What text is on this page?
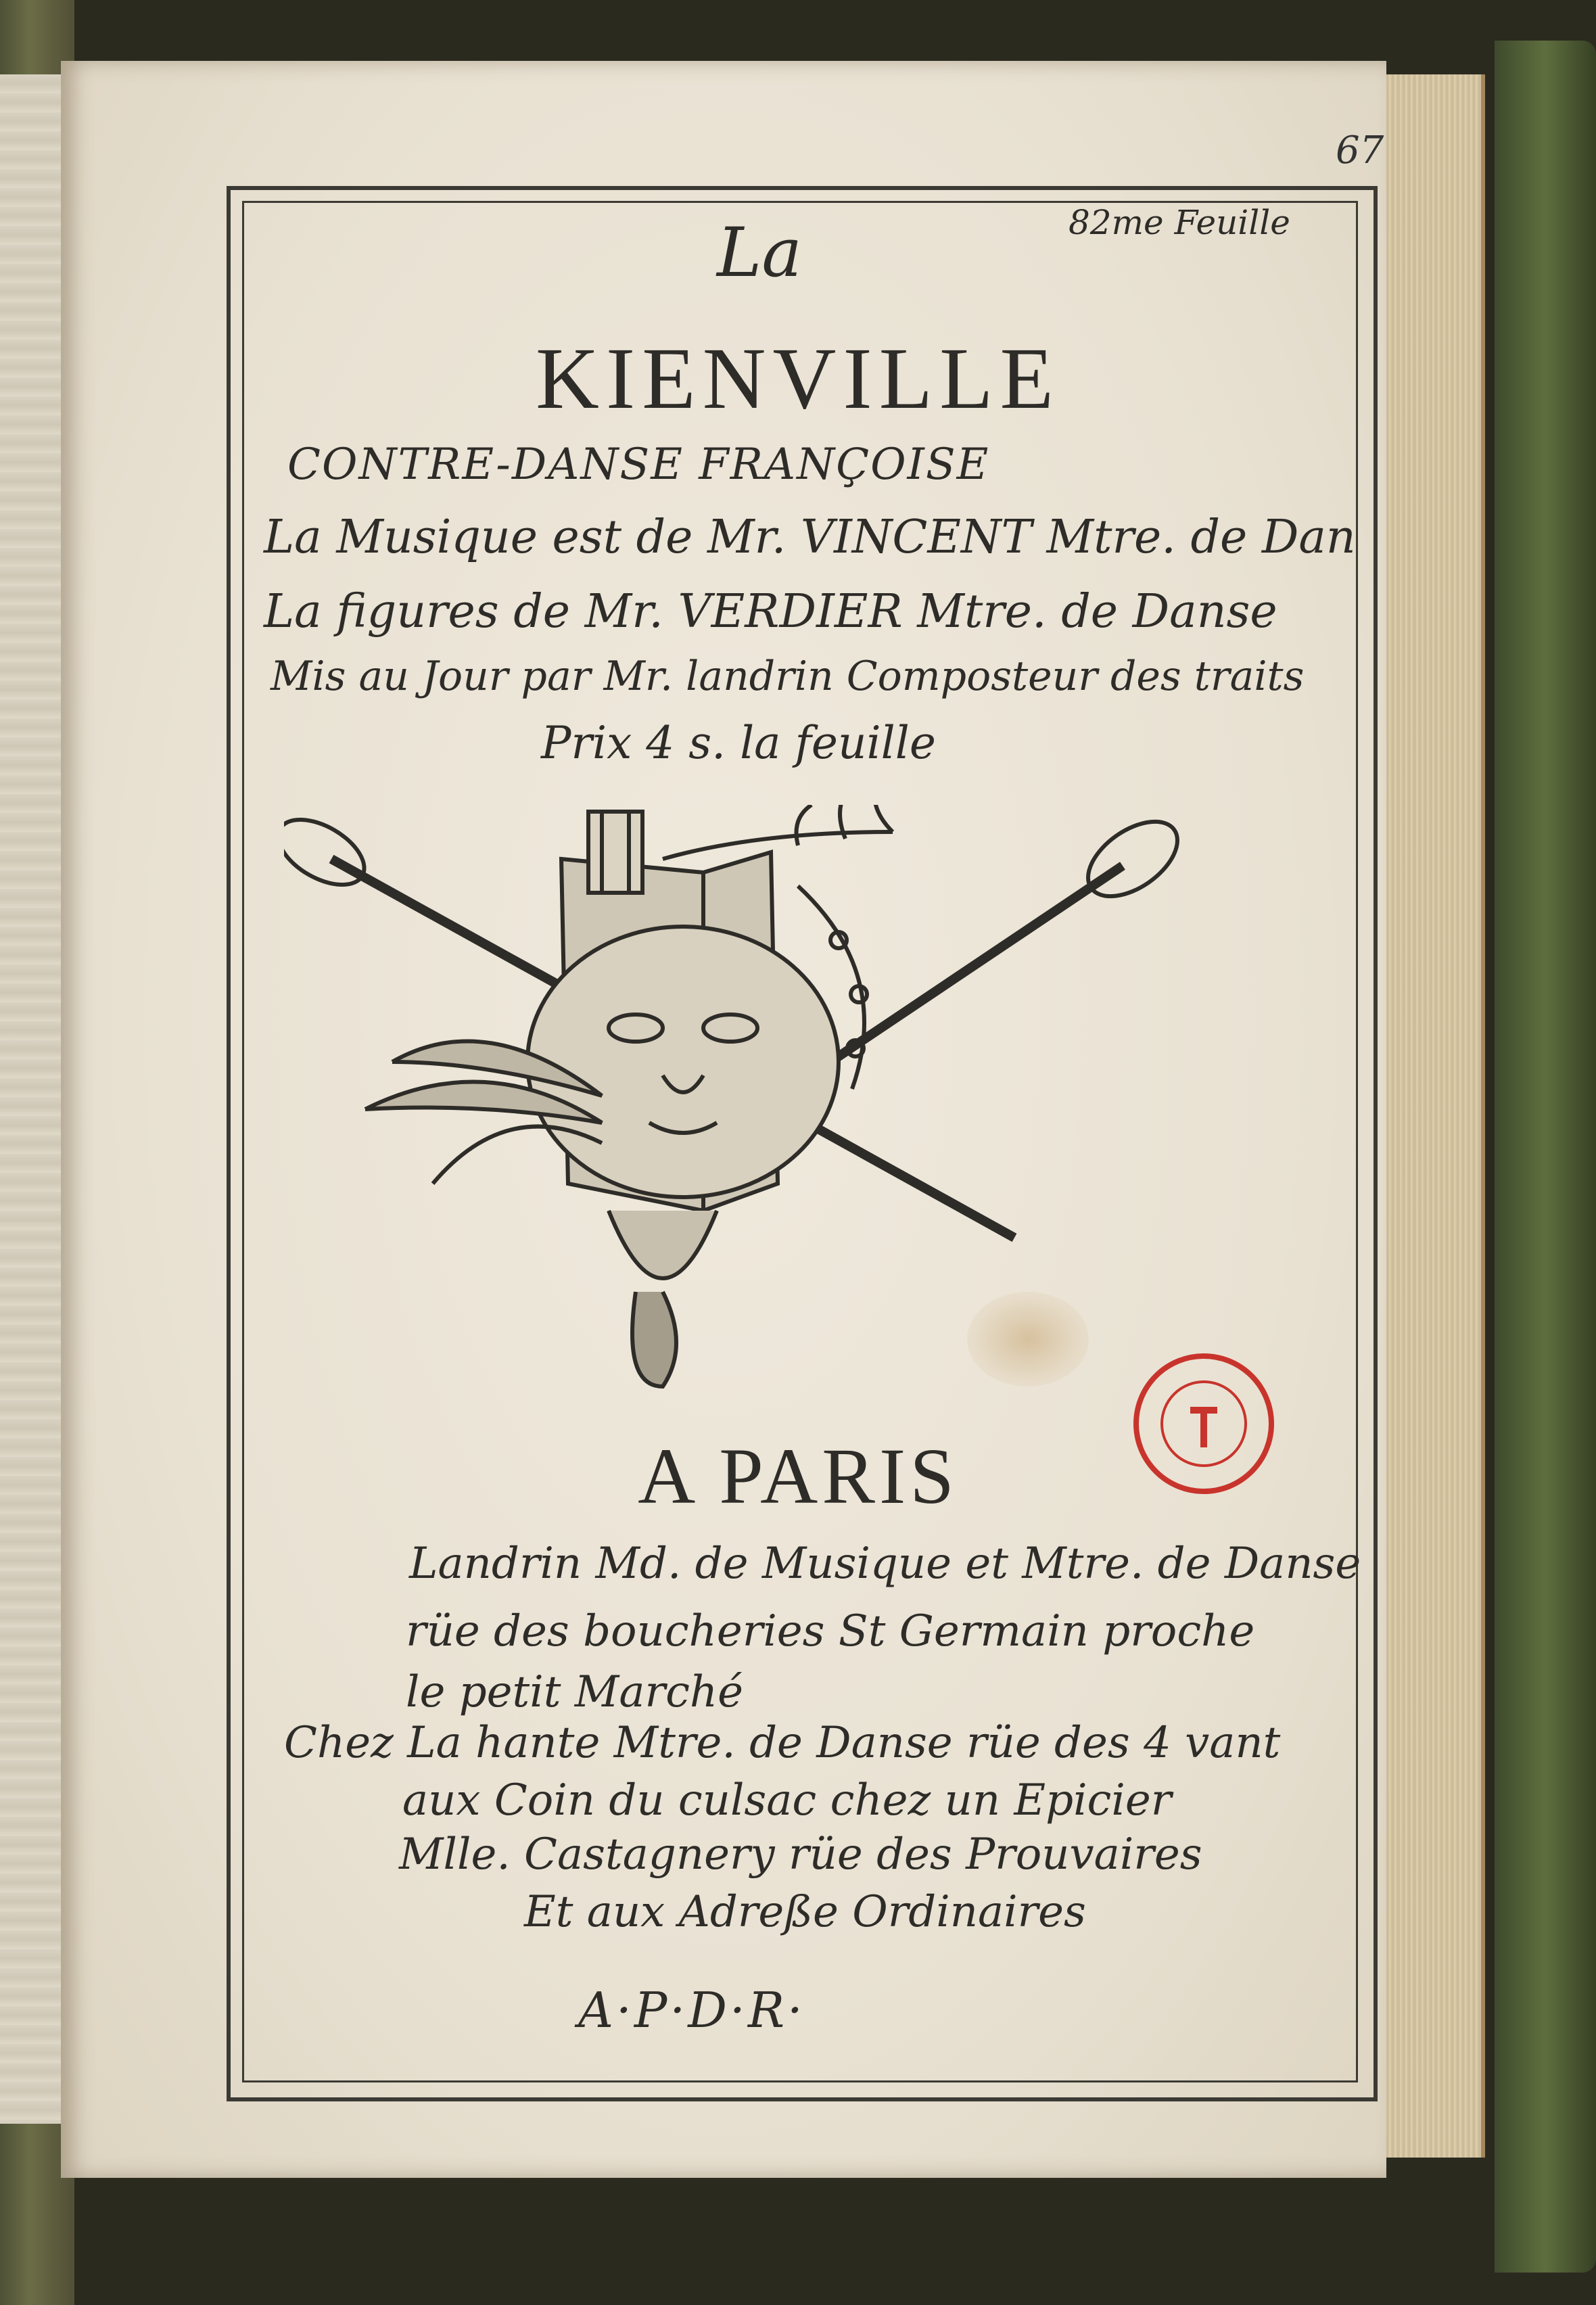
67
82me Feuille
La
KIENVILLE
CONTRE-DANSE FRANÇOISE
La Musique est de Mr. VINCENT Mtre. de Dan
La figures de Mr. VERDIER Mtre. de Danse
Mis au Jour par Mr. landrin Composteur des traits
Prix 4 s. la feuille
A PARIS
Landrin Md. de Musique et Mtre. de Danse
rüe des boucheries St Germain proche
le petit Marché
Chez La hante Mtre. de Danse rüe des 4 vant
aux Coin du culsac chez un Epicier
Mlle. Castagnery rüe des Prouvaires
Et aux Adreße Ordinaires
A·P·D·R·
